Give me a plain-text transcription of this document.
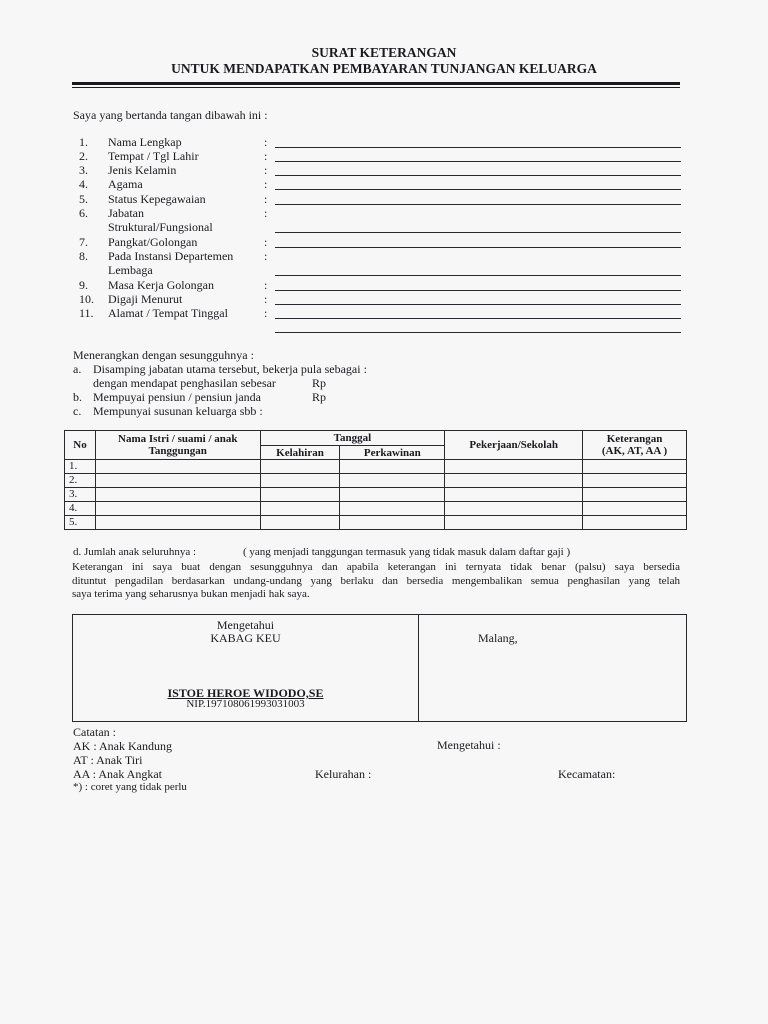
SURAT KETERANGAN
UNTUK MENDAPATKAN PEMBAYARAN TUNJANGAN KELUARGA
Saya yang bertanda tangan dibawah ini :
1. Nama Lengkap	:
2. Tempat / Tgl Lahir	:
3. Jenis Kelamin	:
4. Agama	:
5. Status Kepegawaian	:
6. Jabatan	:
Struktural/Fungsional
7. Pangkat/Golongan	:
8. Pada Instansi Departemen	:
Lembaga
9. Masa Kerja Golongan	:
10. Digaji Menurut	:
11. Alamat / Tempat Tinggal	:
Menerangkan dengan sesungguhnya :
a. Disamping jabatan utama tersebut, bekerja pula sebagai :
dengan mendapat penghasilan sebesar	Rp
b. Mempuyai pensiun / pensiun janda	Rp
c. Mempunyai susunan keluarga sbb :
No	Nama Istri / suami / anak Tanggungan	Tanggal		Pekerjaan/Sekolah	Keterangan
(AK, AT, AA )

		Kelahiran	Perkawinan		
1.					
2.					
3.					
4.					
5.					
d. Jumlah anak seluruhnya :	( yang menjadi tanggungan termasuk yang tidak masuk dalam daftar gaji )
Keterangan ini saya buat dengan sesungguhnya dan apabila keterangan ini ternyata tidak benar (palsu) saya bersedia
dituntut pengadilan berdasarkan undang-undang yang berlaku dan bersedia mengembalikan semua penghasilan yang telah
saya terima yang seharusnya bukan menjadi hak saya.
Mengetahui
KABAG KEU
ISTOE HEROE WIDODO,SE
NIP.197108061993031003
Malang,
Catatan :
AK : Anak Kandung
AT : Anak Tiri
AA : Anak Angkat
*) : coret yang tidak perlu
Mengetahui :
Kelurahan :	Kecamatan:
